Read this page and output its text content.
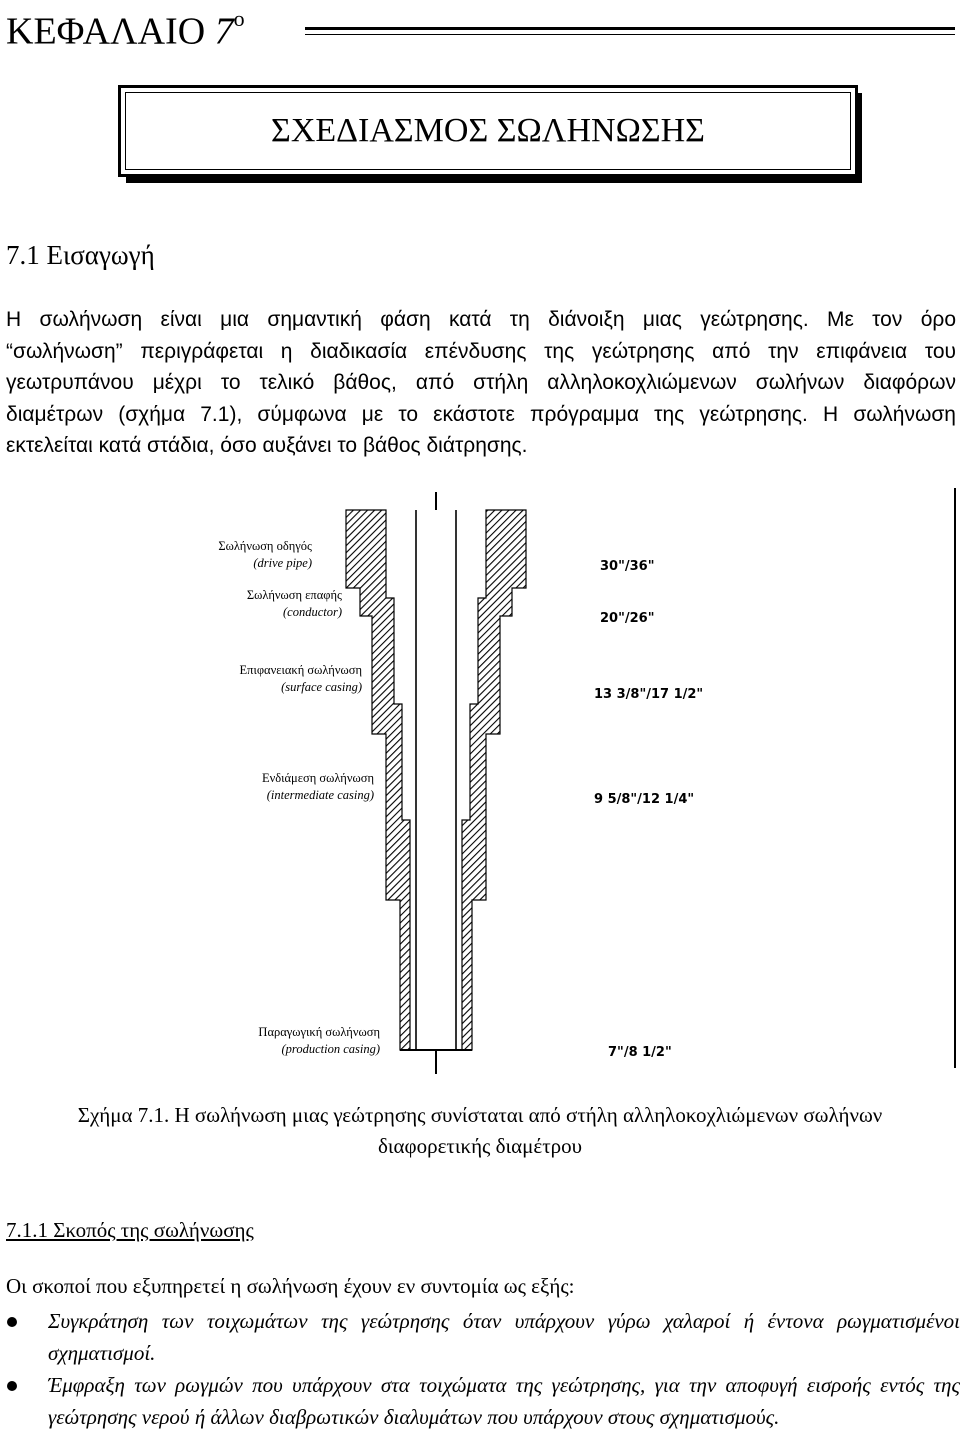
ΚΕΦΑΛΑΙΟ $7^o$
ΣΧΕΔΙΑΣΜΟΣ ΣΩΛΗΝΩΣΗΣ
7.1 Εισαγωγή
Η σωλήνωση είναι μια σημαντική φάση κατά τη διάνοιξη μιας γεώτρησης. Με τον όρο
“σωλήνωση” περιγράφεται η διαδικασία επένδυσης της γεώτρησης από την επιφάνεια του
γεωτρυπάνου μέχρι το τελικό βάθος, από στήλη αλληλοκοχλιώμενων σωλήνων διαφόρων
διαμέτρων (σχήμα 7.1), σύμφωνα με το εκάστοτε πρόγραμμα της γεώτρησης. Η σωλήνωση
εκτελείται κατά στάδια, όσο αυξάνει το βάθος διάτρησης.
Σωλήνωση οδηγός
(drive pipe)
Σωλήνωση επαφής
(conductor)
Επιφανειακή σωλήνωση
(surface casing)
Ενδιάμεση σωλήνωση
(intermediate casing)
Παραγωγική σωλήνωση
(production casing)
30"/36"
20"/26"
13 3/8"/17 1/2"
9 5/8"/12 1/4"
7"/8 1/2"
Σχήμα 7.1. Η σωλήνωση μιας γεώτρησης συνίσταται από στήλη αλληλοκοχλιώμενων σωλήνων
διαφορετικής διαμέτρου
7.1.1 Σκοπός της σωλήνωσης
Οι σκοποί που εξυπηρετεί η σωλήνωση έχουν εν συντομία ως εξής:
Συγκράτηση των τοιχωμάτων της γεώτρησης όταν υπάρχουν γύρω χαλαροί ή έντονα ρωγματισμένοι σχηματισμοί.
Έμφραξη των ρωγμών που υπάρχουν στα τοιχώματα της γεώτρησης, για την αποφυγή εισροής εντός της γεώτρησης νερού ή άλλων διαβρωτικών διαλυμάτων που υπάρχουν στους σχηματισμούς.
